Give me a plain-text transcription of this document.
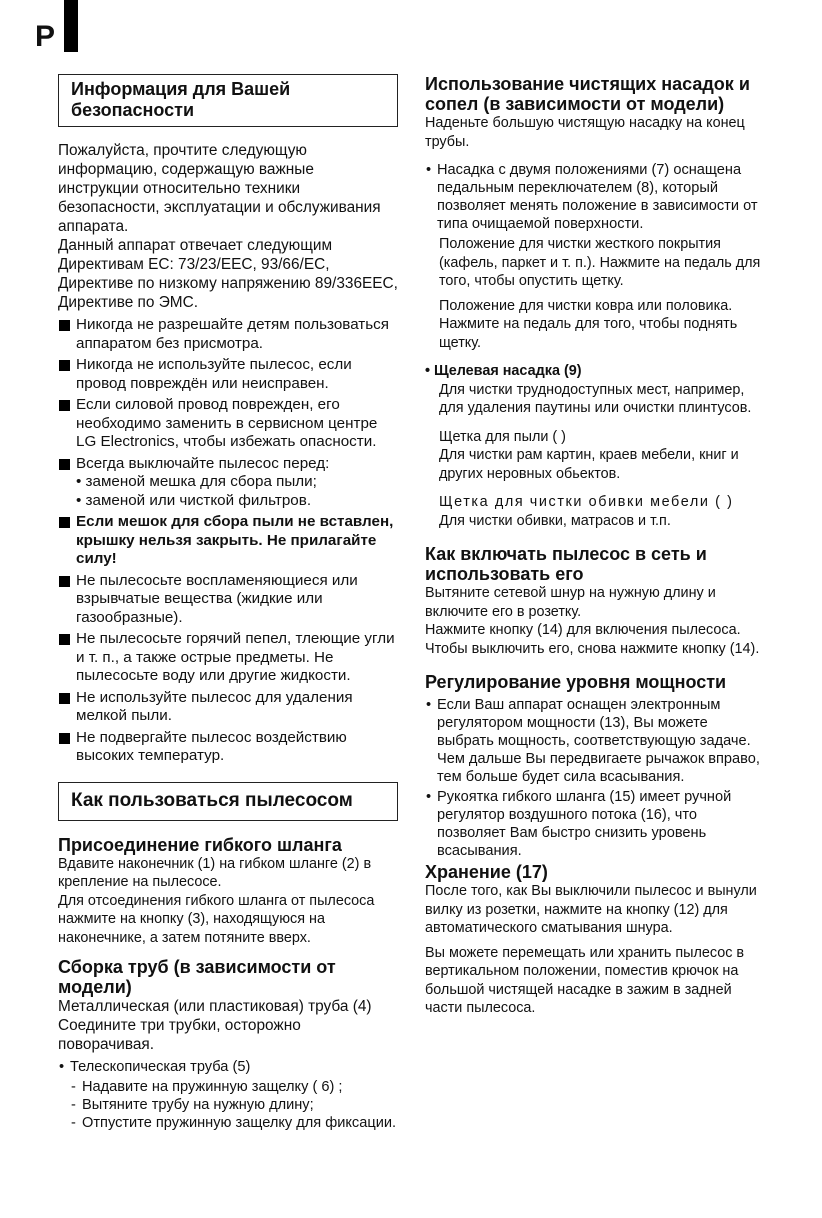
P
Информация для Вашей безопасности

Пожалуйста, прочтите следующую информацию, содержащую важные инструкции относительно техники безопасности, эксплуатации и обслуживания аппарата.

Данный аппарат отвечает следующим Директивам ЕС: 73/23/EEC, 93/66/EC, Директиве по низкому напряжению 89/336EEC, Директиве по ЭМС.

Никогда не разрешайте детям пользоваться аппаратом без присмотра.
Никогда не используйте пылесос, если провод повреждён или неисправен.
Если силовой провод поврежден, его необходимо заменить в сервисном центре LG Electronics, чтобы избежать опасности.
Всегда выключайте пылесос перед:
• заменой мешка для сбора пыли;
• заменой или чисткой фильтров.
Если мешок для сбора пыли не вставлен, крышку нельзя закрыть. Не прилагайте силу!
Не пылесосьте воспламеняющиеся или взрывчатые вещества (жидкие или газообразные).
Не пылесосьте горячий пепел, тлеющие угли и т. п., а также острые предметы. Не пылесосьте воду или другие жидкости.
Не используйте пылесос для удаления мелкой пыли.
Не подвергайте пылесос воздействию высоких температур.
Как пользоваться пылесосом
Присоединение гибкого шланга

Вдавите наконечник (1) на гибком шланге (2) в крепление на пылесосе.

Для отсоединения гибкого шланга от пылесоса нажмите на кнопку (3), находящуюся на наконечнике, а затем потяните вверх.

Сборка труб (в зависимости от модели)

Металлическая (или пластиковая) труба (4)

Соедините три трубки, осторожно поворачивая.

• Телескопическая труба (5)
- Надавите на пружинную защелку ( 6) ;
- Вытяните трубу на нужную длину;
- Отпустите пружинную защелку для фиксации.
Использование чистящих насадок и сопел (в зависимости от модели)

Наденьте большую чистящую насадку на конец трубы.

• Насадка с двумя положениями (7) оснащена педальным переключателем (8), который позволяет менять положение в зависимости от типа очищаемой поверхности.

Положение для чистки жесткого покрытия (кафель, паркет и т. п.). Нажмите на педаль для того, чтобы опустить щетку.

Положение для чистки ковра или половика. Нажмите на педаль для того, чтобы поднять щетку.

• Щелевая насадка (9)

Для чистки труднодоступных мест, например, для удаления паутины или очистки плинтусов.

Щетка для пыли ( )

Для чистки рам картин, краев мебели, книг и других неровных обьектов.

Щетка для чистки обивки мебели ( )

Для чистки обивки, матрасов и т.п.

Как включать пылесос в сеть и использовать его

Вытяните сетевой шнур на нужную длину и включите его в розетку.

Нажмите кнопку (14) для включения пылесоса. Чтобы выключить его, снова нажмите кнопку (14).

Регулирование уровня мощности
• Если Ваш аппарат оснащен электронным регулятором мощности (13), Вы можете выбрать мощность, соответствующую задаче. Чем дальше Вы передвигаете рычажок вправо, тем больше будет сила всасывания.
• Рукоятка гибкого шланга (15) имеет ручной регулятор воздушного потока (16), что позволяет Вам быстро снизить уровень всасывания.
Хранение (17)

После того, как Вы выключили пылесос и вынули вилку из розетки, нажмите на кнопку (12) для автоматического сматывания шнура.

Вы можете перемещать или хранить пылесос в вертикальном положении, поместив крючок на большой чистящей насадке в зажим в задней части пылесоса.
